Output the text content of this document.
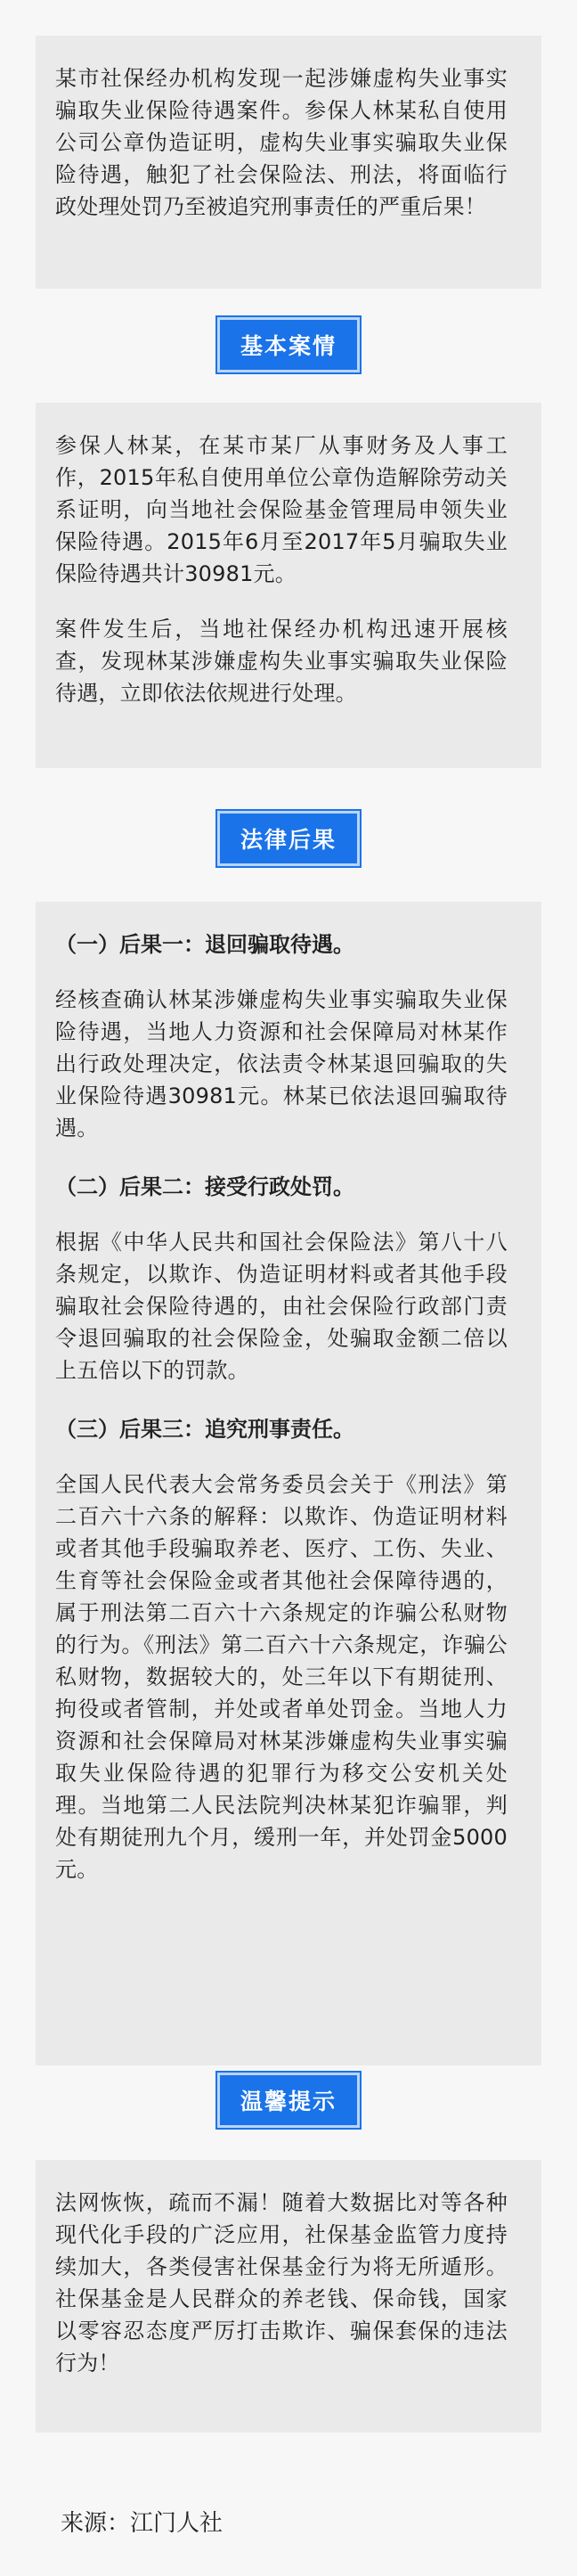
某市社保经办机构发现一起涉嫌虚构失业事实骗取失业保险待遇案件。参保人林某私自使用公司公章伪造证明，虚构失业事实骗取失业保险待遇，触犯了社会保险法、刑法，将面临行政处理处罚乃至被追究刑事责任的严重后果！

基本案情

参保人林某，在某市某厂从事财务及人事工作，2015年私自使用单位公章伪造解除劳动关系证明，向当地社会保险基金管理局申领失业保险待遇。2015年6月至2017年5月骗取失业保险待遇共计30981元。

案件发生后，当地社保经办机构迅速开展核查，发现林某涉嫌虚构失业事实骗取失业保险待遇，立即依法依规进行处理。

法律后果
（一）后果一：退回骗取待遇。

经核查确认林某涉嫌虚构失业事实骗取失业保险待遇，当地人力资源和社会保障局对林某作出行政处理决定，依法责令林某退回骗取的失业保险待遇30981元。林某已依法退回骗取待遇。

（二）后果二：接受行政处罚。

根据《中华人民共和国社会保险法》第八十八条规定，以欺诈、伪造证明材料或者其他手段骗取社会保险待遇的，由社会保险行政部门责令退回骗取的社会保险金，处骗取金额二倍以上五倍以下的罚款。

（三）后果三：追究刑事责任。

全国人民代表大会常务委员会关于《刑法》第二百六十六条的解释：以欺诈、伪造证明材料或者其他手段骗取养老、医疗、工伤、失业、生育等社会保险金或者其他社会保障待遇的，属于刑法第二百六十六条规定的诈骗公私财物的行为。《刑法》第二百六十六条规定，诈骗公私财物，数据较大的，处三年以下有期徒刑、拘役或者管制，并处或者单处罚金。当地人力资源和社会保障局对林某涉嫌虚构失业事实骗取失业保险待遇的犯罪行为移交公安机关处理。当地第二人民法院判决林某犯诈骗罪，判处有期徒刑九个月，缓刑一年，并处罚金5000元。

温馨提示

法网恢恢，疏而不漏！随着大数据比对等各种现代化手段的广泛应用，社保基金监管力度持续加大，各类侵害社保基金行为将无所遁形。社保基金是人民群众的养老钱、保命钱，国家以零容忍态度严厉打击欺诈、骗保套保的违法行为！

来源：江门人社
